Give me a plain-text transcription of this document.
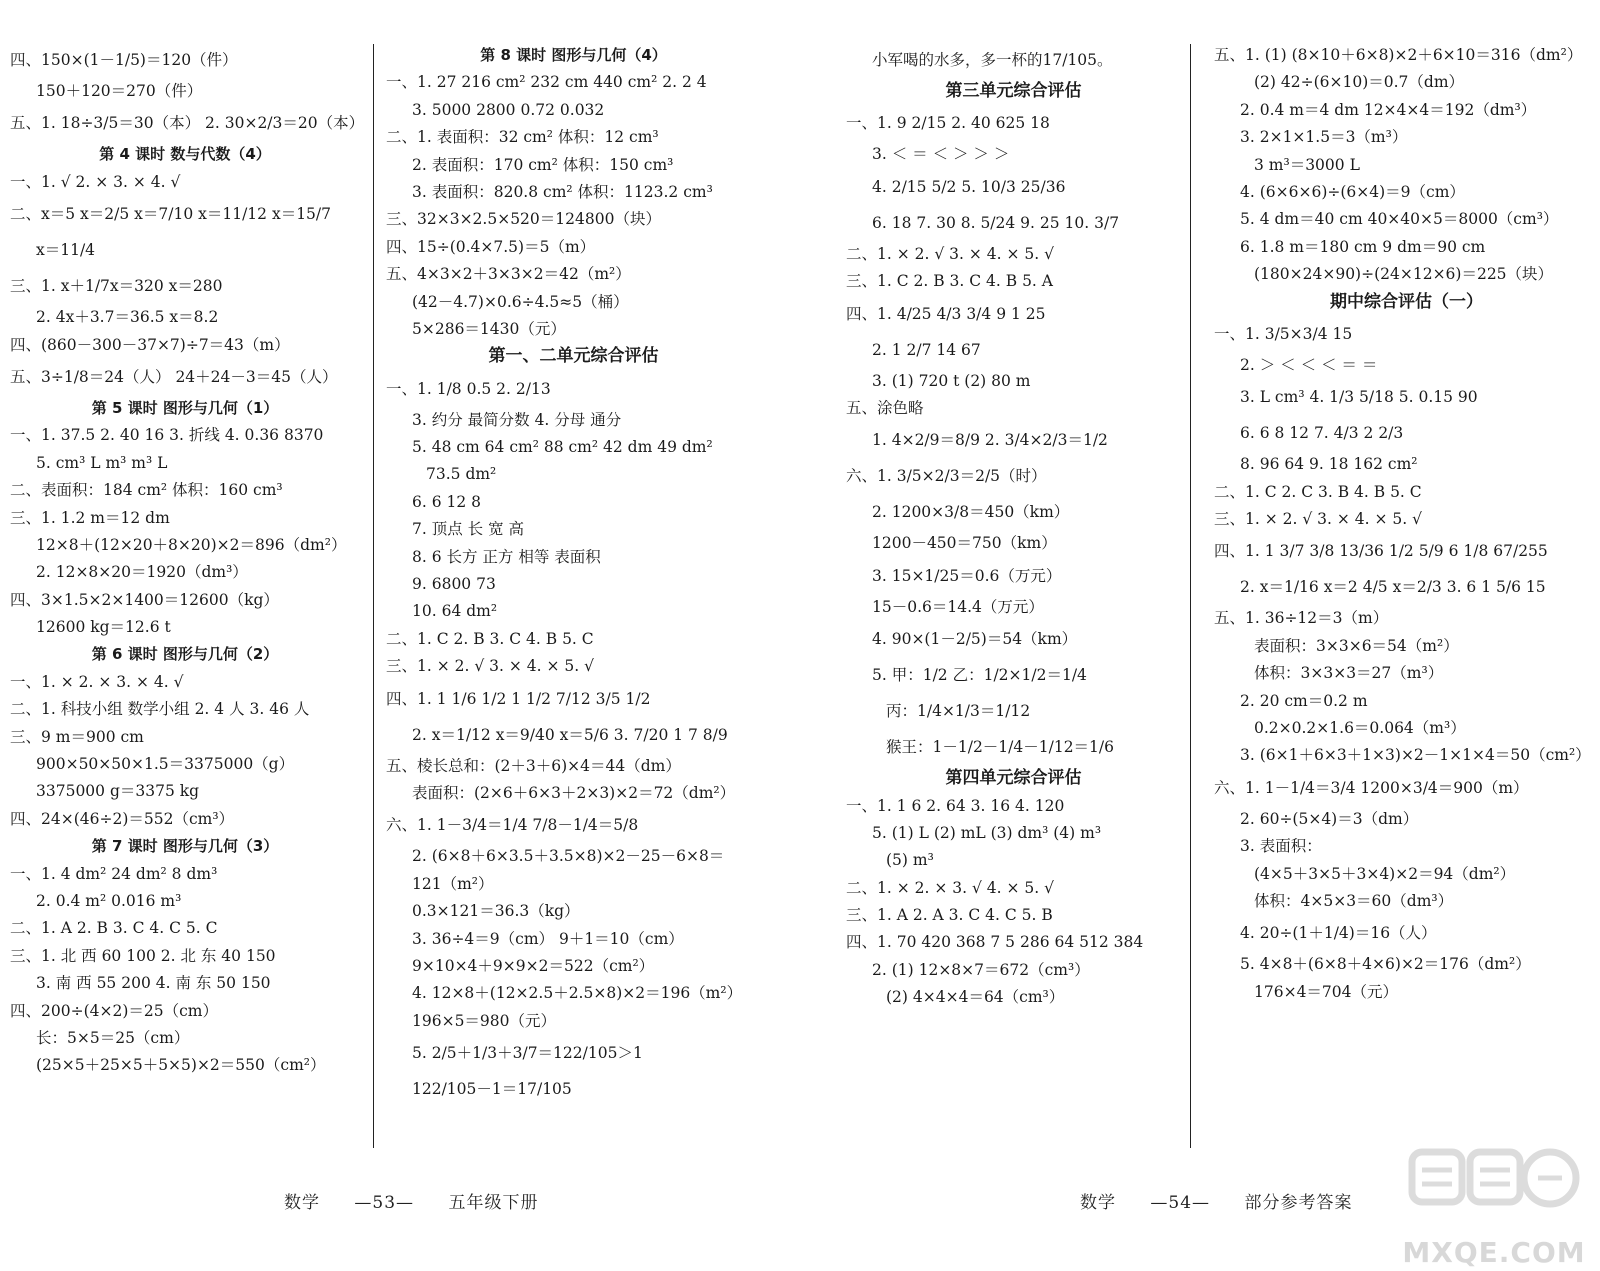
四、150×(1－1/5)＝120（件）
150＋120＝270（件）
五、1. 18÷3/5＝30（本） 2. 30×2/3＝20（本）
第 4 课时 数与代数（4）
一、1. √ 2. × 3. × 4. √
二、x＝5 x＝2/5 x＝7/10 x＝11/12 x＝15/7
x＝11/4
三、1. x＋1/7x＝320 x＝280
2. 4x＋3.7＝36.5 x＝8.2
四、(860－300－37×7)÷7＝43（m）
五、3÷1/8＝24（人） 24＋24－3＝45（人）
第 5 课时 图形与几何（1）
一、1. 37.5 2. 40 16 3. 折线 4. 0.36 8370
5. cm³ L m³ m³ L
二、表面积：184 cm² 体积：160 cm³
三、1. 1.2 m＝12 dm
12×8＋(12×20＋8×20)×2＝896（dm²）
2. 12×8×20＝1920（dm³）
四、3×1.5×2×1400＝12600（kg）
12600 kg＝12.6 t
第 6 课时 图形与几何（2）
一、1. × 2. × 3. × 4. √
二、1. 科技小组 数学小组 2. 4 人 3. 46 人
三、9 m＝900 cm
900×50×50×1.5＝3375000（g）
3375000 g＝3375 kg
四、24×(46÷2)＝552（cm³）
第 7 课时 图形与几何（3）
一、1. 4 dm² 24 dm² 8 dm³
2. 0.4 m² 0.016 m³
二、1. A 2. B 3. C 4. C 5. C
三、1. 北 西 60 100 2. 北 东 40 150
3. 南 西 55 200 4. 南 东 50 150
四、200÷(4×2)＝25（cm）
长：5×5＝25（cm）
(25×5＋25×5＋5×5)×2＝550（cm²）
第 8 课时 图形与几何（4）
一、1. 27 216 cm² 232 cm 440 cm² 2. 2 4
3. 5000 2800 0.72 0.032
二、1. 表面积：32 cm² 体积：12 cm³
2. 表面积：170 cm² 体积：150 cm³
3. 表面积：820.8 cm² 体积：1123.2 cm³
三、32×3×2.5×520＝124800（块）
四、15÷(0.4×7.5)＝5（m）
五、4×3×2＋3×3×2＝42（m²）
(42－4.7)×0.6÷4.5≈5（桶）
5×286＝1430（元）
第一、二单元综合评估
一、1. 1/8 0.5 2. 2/13
3. 约分 最简分数 4. 分母 通分
5. 48 cm 64 cm² 88 cm² 42 dm 49 dm²
73.5 dm²
6. 6 12 8
7. 顶点 长 宽 高
8. 6 长方 正方 相等 表面积
9. 6800 73
10. 64 dm²
二、1. C 2. B 3. C 4. B 5. C
三、1. × 2. √ 3. × 4. × 5. √
四、1. 1 1/6 1/2 1 1/2 7/12 3/5 1/2
2. x＝1/12 x＝9/40 x＝5/6 3. 7/20 1 7 8/9
五、棱长总和：(2＋3＋6)×4＝44（dm）
表面积：(2×6＋6×3＋2×3)×2＝72（dm²）
六、1. 1－3/4＝1/4 7/8－1/4＝5/8
2. (6×8＋6×3.5＋3.5×8)×2－25－6×8＝
121（m²）
0.3×121＝36.3（kg）
3. 36÷4＝9（cm） 9＋1＝10（cm）
9×10×4＋9×9×2＝522（cm²）
4. 12×8＋(12×2.5＋2.5×8)×2＝196（m²）
196×5＝980（元）
5. 2/5＋1/3＋3/7＝122/105＞1
122/105－1＝17/105
小军喝的水多，多一杯的17/105。
第三单元综合评估
一、1. 9 2/15 2. 40 625 18
3. ＜ ＝ ＜ ＞ ＞ ＞
4. 2/15 5/2 5. 10/3 25/36
6. 18 7. 30 8. 5/24 9. 25 10. 3/7
二、1. × 2. √ 3. × 4. × 5. √
三、1. C 2. B 3. C 4. B 5. A
四、1. 4/25 4/3 3/4 9 1 25
2. 1 2/7 14 67
3. (1) 720 t (2) 80 m
五、涂色略
1. 4×2/9＝8/9 2. 3/4×2/3＝1/2
六、1. 3/5×2/3＝2/5（时）
2. 1200×3/8＝450（km）
1200－450＝750（km）
3. 15×1/25＝0.6（万元）
15－0.6＝14.4（万元）
4. 90×(1－2/5)＝54（km）
5. 甲：1/2 乙：1/2×1/2＝1/4
丙：1/4×1/3＝1/12
猴王：1－1/2－1/4－1/12＝1/6
第四单元综合评估
一、1. 1 6 2. 64 3. 16 4. 120
5. (1) L (2) mL (3) dm³ (4) m³
(5) m³
二、1. × 2. × 3. √ 4. × 5. √
三、1. A 2. A 3. C 4. C 5. B
四、1. 70 420 368 7 5 286 64 512 384
2. (1) 12×8×7＝672（cm³）
(2) 4×4×4＝64（cm³）
五、1. (1) (8×10＋6×8)×2＋6×10＝316（dm²）
(2) 42÷(6×10)＝0.7（dm）
2. 0.4 m＝4 dm 12×4×4＝192（dm³）
3. 2×1×1.5＝3（m³）
3 m³＝3000 L
4. (6×6×6)÷(6×4)＝9（cm）
5. 4 dm＝40 cm 40×40×5＝8000（cm³）
6. 1.8 m＝180 cm 9 dm＝90 cm
(180×24×90)÷(24×12×6)＝225（块）
期中综合评估（一）
一、1. 3/5×3/4 15
2. ＞ ＜ ＜ ＜ ＝ ＝
3. L cm³ 4. 1/3 5/18 5. 0.15 90
6. 6 8 12 7. 4/3 2 2/3
8. 96 64 9. 18 162 cm²
二、1. C 2. C 3. B 4. B 5. C
三、1. × 2. √ 3. × 4. × 5. √
四、1. 1 3/7 3/8 13/36 1/2 5/9 6 1/8 67/255
2. x＝1/16 x＝2 4/5 x＝2/3 3. 6 1 5/6 15
五、1. 36÷12＝3（m）
表面积：3×3×6＝54（m²）
体积：3×3×3＝27（m³）
2. 20 cm＝0.2 m
0.2×0.2×1.6＝0.064（m³）
3. (6×1＋6×3＋1×3)×2－1×1×4＝50（cm²）
六、1. 1－1/4＝3/4 1200×3/4＝900（m）
2. 60÷(5×4)＝3（dm）
3. 表面积：
(4×5＋3×5＋3×4)×2＝94（dm²）
体积：4×5×3＝60（dm³）
4. 20÷(1＋1/4)＝16（人）
5. 4×8＋(6×8＋4×6)×2＝176（dm²）
176×4＝704（元）
数学 —53— 五年级下册	数学 —54— 部分参考答案
MXQE.COM
